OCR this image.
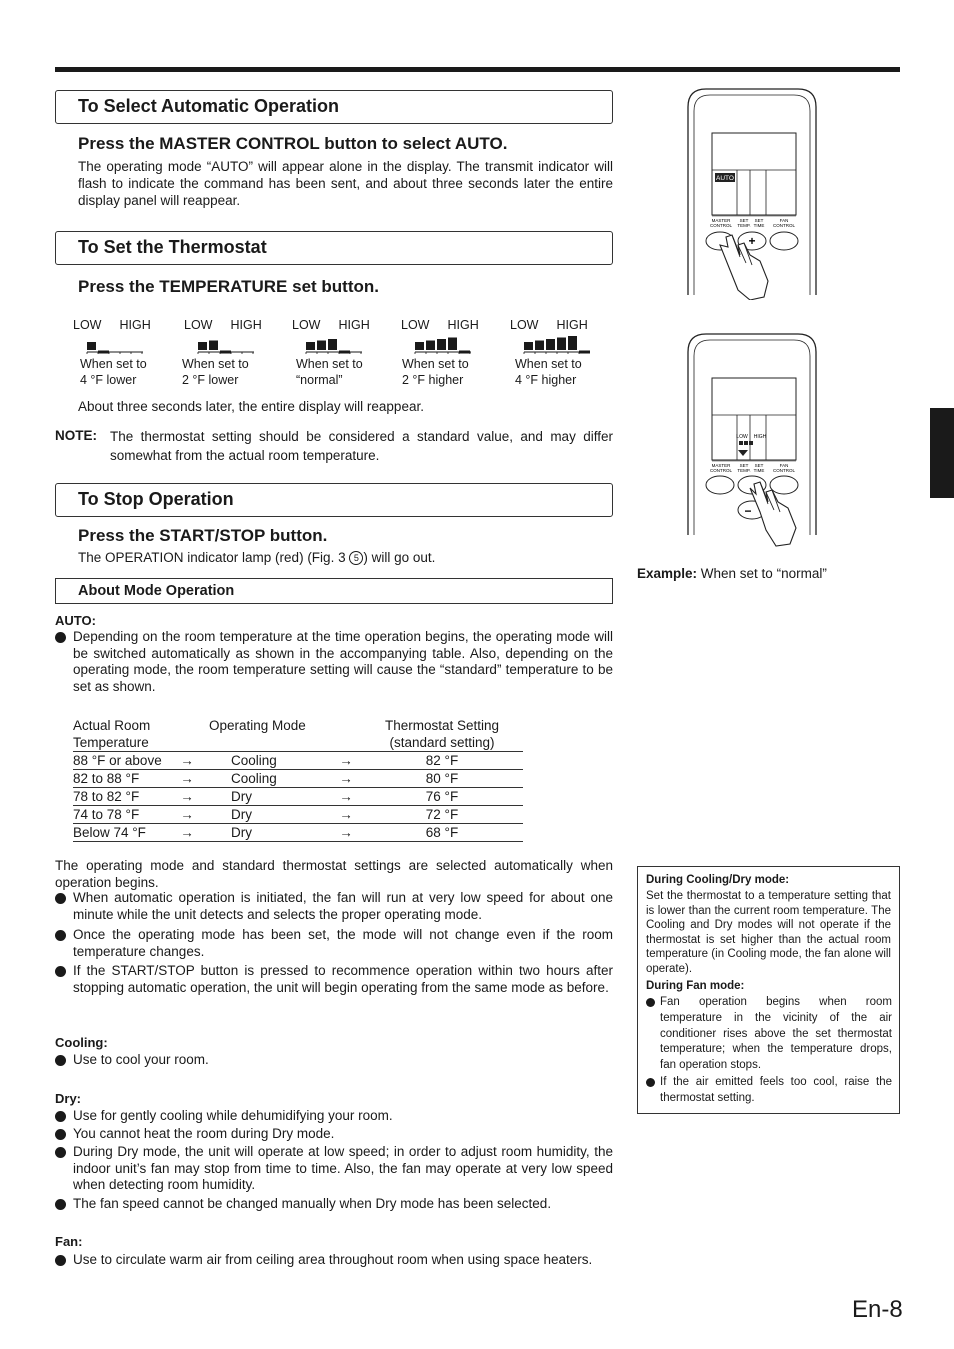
To Select Automatic Operation
Press the MASTER CONTROL button to select AUTO.
The operating mode “AUTO” will appear alone in the display. The transmit indicator will flash to indicate the command has been sent, and about three seconds later the entire display panel will reappear.
To Set the Thermostat
Press the TEMPERATURE set button.
LOW HIGH
When set to
4 °F lower
LOW HIGH
When set to
2 °F lower
LOW HIGH
When set to
“normal”
LOW HIGH
When set to
2 °F higher
LOW HIGH
When set to
4 °F higher
About three seconds later, the entire display will reappear.
NOTE: The thermostat setting should be considered a standard value, and may differ somewhat from the actual room temperature.
To Stop Operation
Press the START/STOP button.
The OPERATION indicator lamp (red) (Fig. 3 5 ) will go out.
About Mode Operation
AUTO:
Depending on the room temperature at the time operation begins, the operating mode will be switched automatically as shown in the accompanying table. Also, depending on the operating mode, the room temperature setting will cause the “standard” temperature to be set as shown.
Actual Room
Temperature		Operating Mode		Thermostat Setting
(standard setting)
88 °F or above	→	Cooling	→	82 °F
82 to 88 °F	→	Cooling	→	80 °F
78 to 82 °F	→	Dry	→	76 °F
74 to 78 °F	→	Dry	→	72 °F
Below 74 °F	→	Dry	→	68 °F
The operating mode and standard thermostat settings are selected automatically when operation begins.
When automatic operation is initiated, the fan will run at very low speed for about one minute while the unit detects and selects the proper operating mode.
Once the operating mode has been set, the mode will not change even if the room temperature changes.
If the START/STOP button is pressed to recommence operation within two hours after stopping automatic operation, the unit will begin operating from the same mode as before.
Cooling:
Use to cool your room.
Dry:
Use for gently cooling while dehumidifying your room.
You cannot heat the room during Dry mode.
During Dry mode, the unit will operate at low speed; in order to adjust room humidity, the indoor unit’s fan may stop from time to time. Also, the fan may operate at very low speed when detecting room humidity.
The fan speed cannot be changed manually when Dry mode has been selected.
Fan:
Use to circulate warm air from ceiling area throughout room when using space heaters.
During Cooling/Dry mode:
Set the thermostat to a temperature setting that is lower than the current room temperature. The Cooling and Dry modes will not operate if the thermostat is set higher than the actual room temperature (in Cooling mode, the fan alone will operate).
During Fan mode:
Fan operation begins when room temperature in the vicinity of the air conditioner rises above the set thermostat temperature; when the temperature drops, fan operation stops.
If the air emitted feels too cool, raise the thermostat setting.
AUTO
MASTER
CONTROL
SET
TEMP.
SET
TIME
FAN
CONTROL
+
LOW HIGH
MASTER
CONTROL
SET
TEMP.
SET
TIME
FAN
CONTROL
−
Example: When set to “normal”
En-8
